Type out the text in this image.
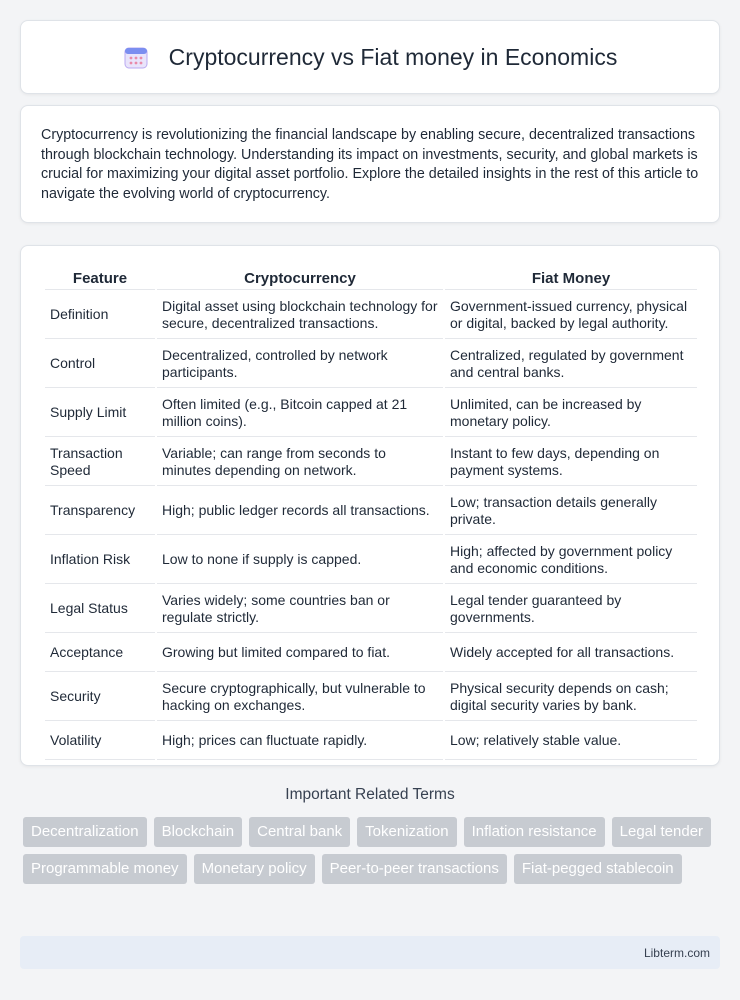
Cryptocurrency vs Fiat money in Economics

Cryptocurrency is revolutionizing the financial landscape by enabling secure, decentralized transactions through blockchain technology. Understanding its impact on investments, security, and global markets is crucial for maximizing your digital asset portfolio. Explore the detailed insights in the rest of this article to navigate the evolving world of cryptocurrency.

Feature	Cryptocurrency	Fiat Money
Definition	Digital asset using blockchain technology for secure, decentralized transactions.	Government-issued currency, physical or digital, backed by legal authority.
Control	Decentralized, controlled by network participants.	Centralized, regulated by government and central banks.
Supply Limit	Often limited (e.g., Bitcoin capped at 21 million coins).	Unlimited, can be increased by monetary policy.
Transaction Speed	Variable; can range from seconds to minutes depending on network.	Instant to few days, depending on payment systems.
Transparency	High; public ledger records all transactions.	Low; transaction details generally private.
Inflation Risk	Low to none if supply is capped.	High; affected by government policy and economic conditions.
Legal Status	Varies widely; some countries ban or regulate strictly.	Legal tender guaranteed by governments.
Acceptance	Growing but limited compared to fiat.	Widely accepted for all transactions.
Security	Secure cryptographically, but vulnerable to hacking on exchanges.	Physical security depends on cash; digital security varies by bank.
Volatility	High; prices can fluctuate rapidly.	Low; relatively stable value.
Important Related Terms
Decentralization	Blockchain	Central bank	Tokenization	Inflation resistance	Legal tender
Programmable money	Monetary policy	Peer-to-peer transactions	Fiat-pegged stablecoin
Libterm.com
